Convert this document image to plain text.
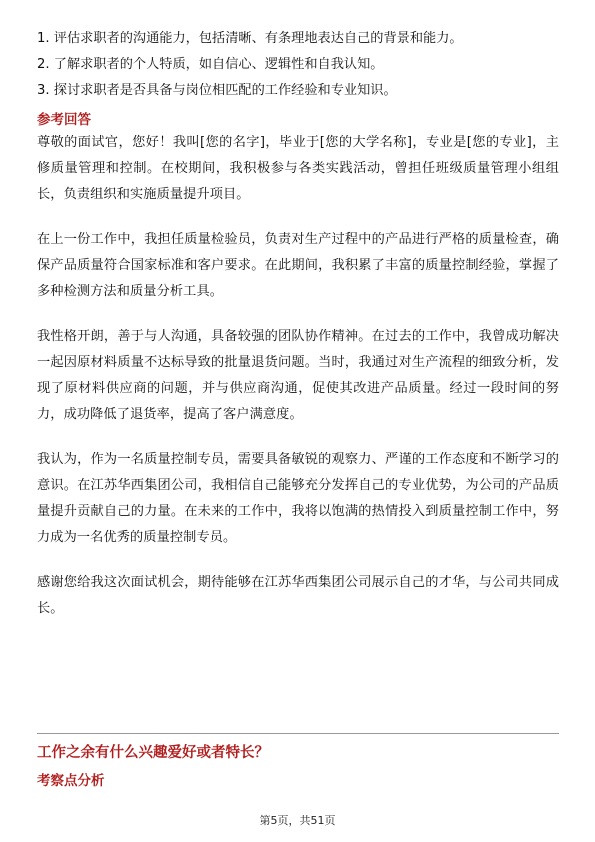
1. 评估求职者的沟通能力，包括清晰、有条理地表达自己的背景和能力。
2. 了解求职者的个人特质，如自信心、逻辑性和自我认知。
3. 探讨求职者是否具备与岗位相匹配的工作经验和专业知识。
参考回答

尊敬的面试官，您好！我叫[您的名字]，毕业于[您的大学名称]，专业是[您的专业]，主修质量管理和控制。在校期间，我积极参与各类实践活动，曾担任班级质量管理小组组长，负责组织和实施质量提升项目。

在上一份工作中，我担任质量检验员，负责对生产过程中的产品进行严格的质量检查，确保产品质量符合国家标准和客户要求。在此期间，我积累了丰富的质量控制经验，掌握了多种检测方法和质量分析工具。

我性格开朗，善于与人沟通，具备较强的团队协作精神。在过去的工作中，我曾成功解决一起因原材料质量不达标导致的批量退货问题。当时，我通过对生产流程的细致分析，发现了原材料供应商的问题，并与供应商沟通，促使其改进产品质量。经过一段时间的努力，成功降低了退货率，提高了客户满意度。

我认为，作为一名质量控制专员，需要具备敏锐的观察力、严谨的工作态度和不断学习的意识。在江苏华西集团公司，我相信自己能够充分发挥自己的专业优势，为公司的产品质量提升贡献自己的力量。在未来的工作中，我将以饱满的热情投入到质量控制工作中，努力成为一名优秀的质量控制专员。

感谢您给我这次面试机会，期待能够在江苏华西集团公司展示自己的才华，与公司共同成长。

工作之余有什么兴趣爱好或者特长？
考察点分析
第5页，共51页
